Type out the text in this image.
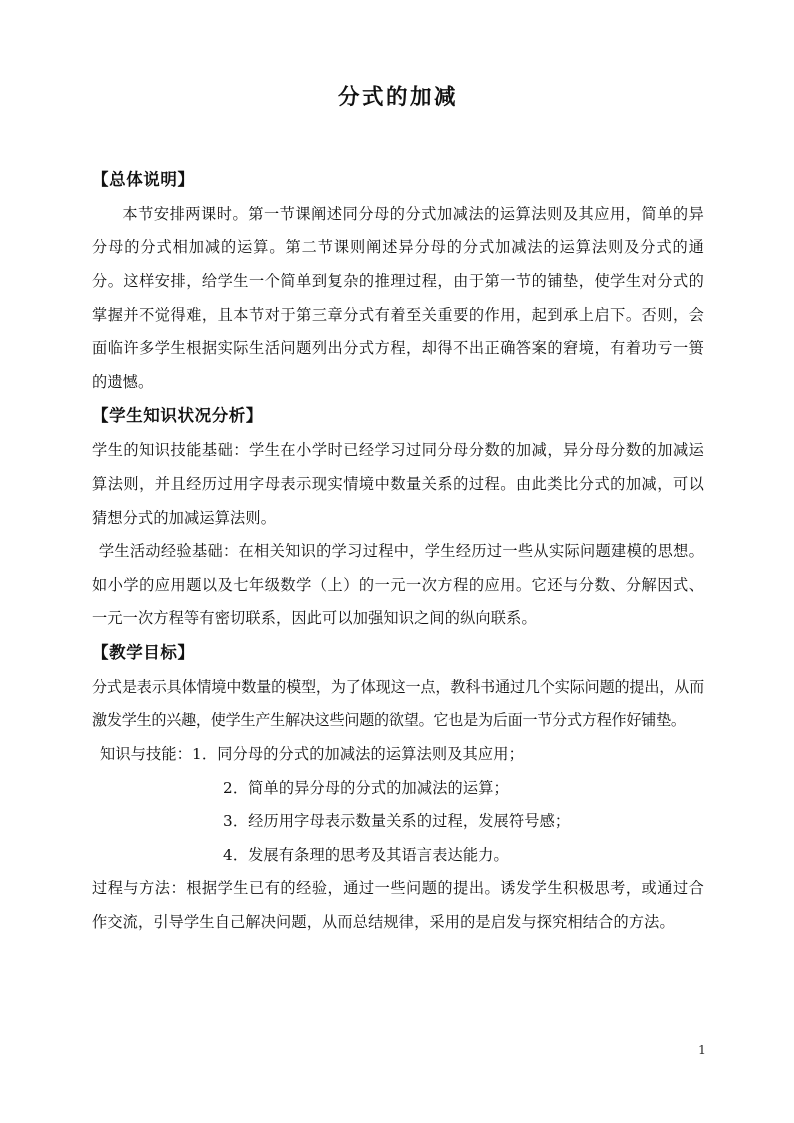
分式的加减
【总体说明】

本节安排两课时。第一节课阐述同分母的分式加减法的运算法则及其应用，简单的异分母的分式相加减的运算。第二节课则阐述异分母的分式加减法的运算法则及分式的通分。这样安排，给学生一个简单到复杂的推理过程，由于第一节的铺垫，使学生对分式的掌握并不觉得难，且本节对于第三章分式有着至关重要的作用，起到承上启下。否则，会面临许多学生根据实际生活问题列出分式方程，却得不出正确答案的窘境，有着功亏一篑的遗憾。

【学生知识状况分析】

学生的知识技能基础：学生在小学时已经学习过同分母分数的加减，异分母分数的加减运算法则，并且经历过用字母表示现实情境中数量关系的过程。由此类比分式的加减，可以猜想分式的加减运算法则。

学生活动经验基础：在相关知识的学习过程中，学生经历过一些从实际问题建模的思想。如小学的应用题以及七年级数学（上）的一元一次方程的应用。它还与分数、分解因式、一元一次方程等有密切联系，因此可以加强知识之间的纵向联系。

【教学目标】

分式是表示具体情境中数量的模型，为了体现这一点，教科书通过几个实际问题的提出，从而激发学生的兴趣，使学生产生解决这些问题的欲望。它也是为后面一节分式方程作好铺垫。

知识与技能：1．同分母的分式的加减法的运算法则及其应用；
2．简单的异分母的分式的加减法的运算；
3．经历用字母表示数量关系的过程，发展符号感；
4．发展有条理的思考及其语言表达能力。

过程与方法：根据学生已有的经验，通过一些问题的提出。诱发学生积极思考，或通过合作交流，引导学生自己解决问题，从而总结规律，采用的是启发与探究相结合的方法。

1
